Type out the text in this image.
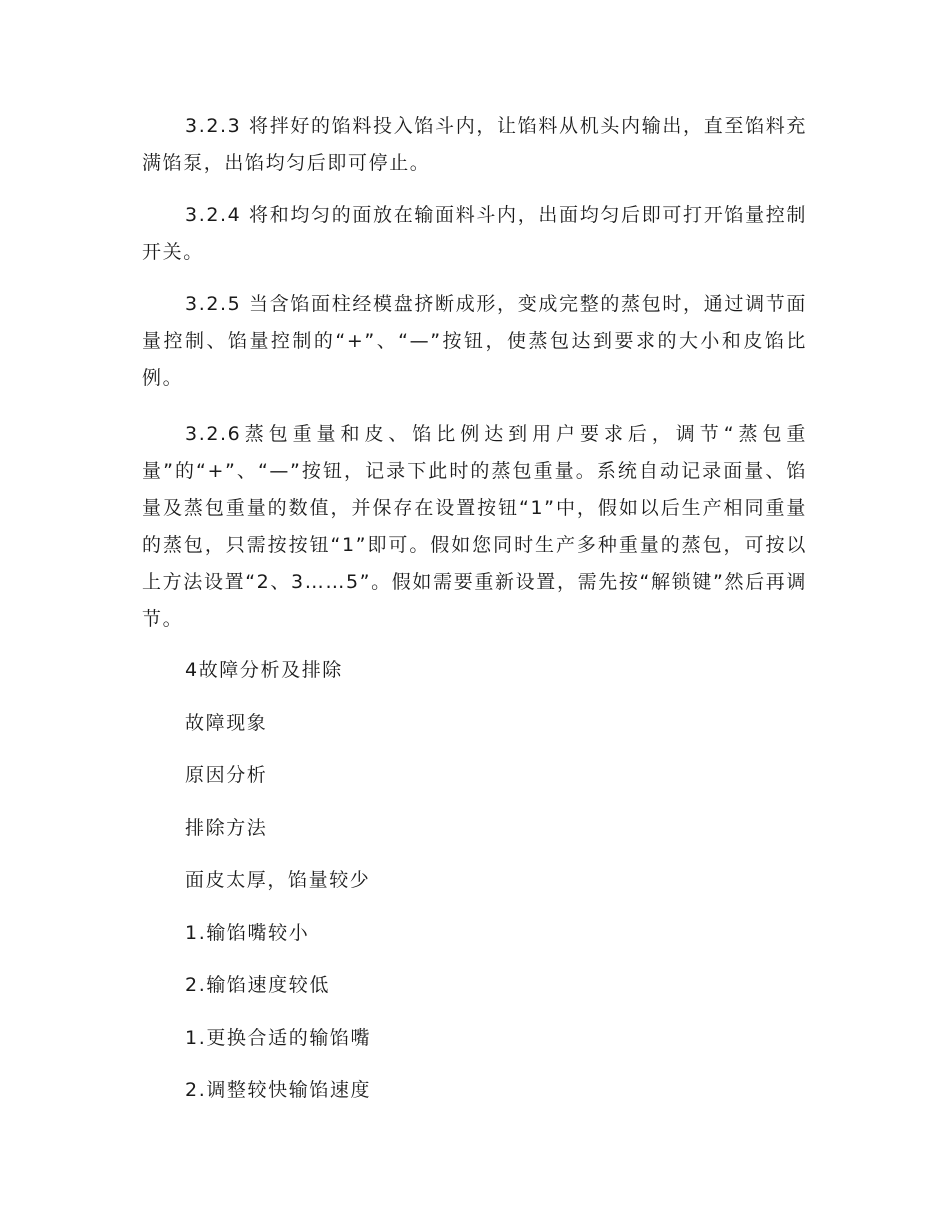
3.2.3 将拌好的馅料投入馅斗内，让馅料从机头内输出，直至馅料充满馅泵，出馅均匀后即可停止。

3.2.4 将和均匀的面放在输面料斗内，出面均匀后即可打开馅量控制开关。

3.2.5 当含馅面柱经模盘挤断成形，变成完整的蒸包时，通过调节面量控制、馅量控制的“+”、“—”按钮，使蒸包达到要求的大小和皮馅比例。

3.2.6蒸包重量和皮、馅比例达到用户要求后，调节“蒸包重量”的“+”、“—”按钮，记录下此时的蒸包重量。系统自动记录面量、馅量及蒸包重量的数值，并保存在设置按钮“1”中，假如以后生产相同重量的蒸包，只需按按钮“1”即可。假如您同时生产多种重量的蒸包，可按以上方法设置“2、3……5”。假如需要重新设置，需先按“解锁键”然后再调节。

4故障分析及排除

故障现象

原因分析

排除方法

面皮太厚，馅量较少

1.输馅嘴较小

2.输馅速度较低

1.更换合适的输馅嘴

2.调整较快输馅速度
